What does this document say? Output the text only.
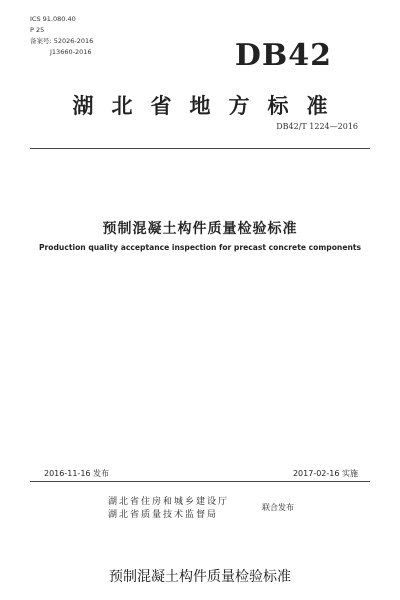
ICS 91.080.40
P 25
备案号: 52026-2016
J13660-2016	DB42
湖北省地方标准
DB42/T 1224—2016
预制混凝土构件质量检验标准
Production quality acceptance inspection for precast concrete components
2016-11-16 发布	2017-02-16 实施
湖北省住房和城乡建设厅
湖北省质量技术监督局
联合发布
预制混凝土构件质量检验标准
